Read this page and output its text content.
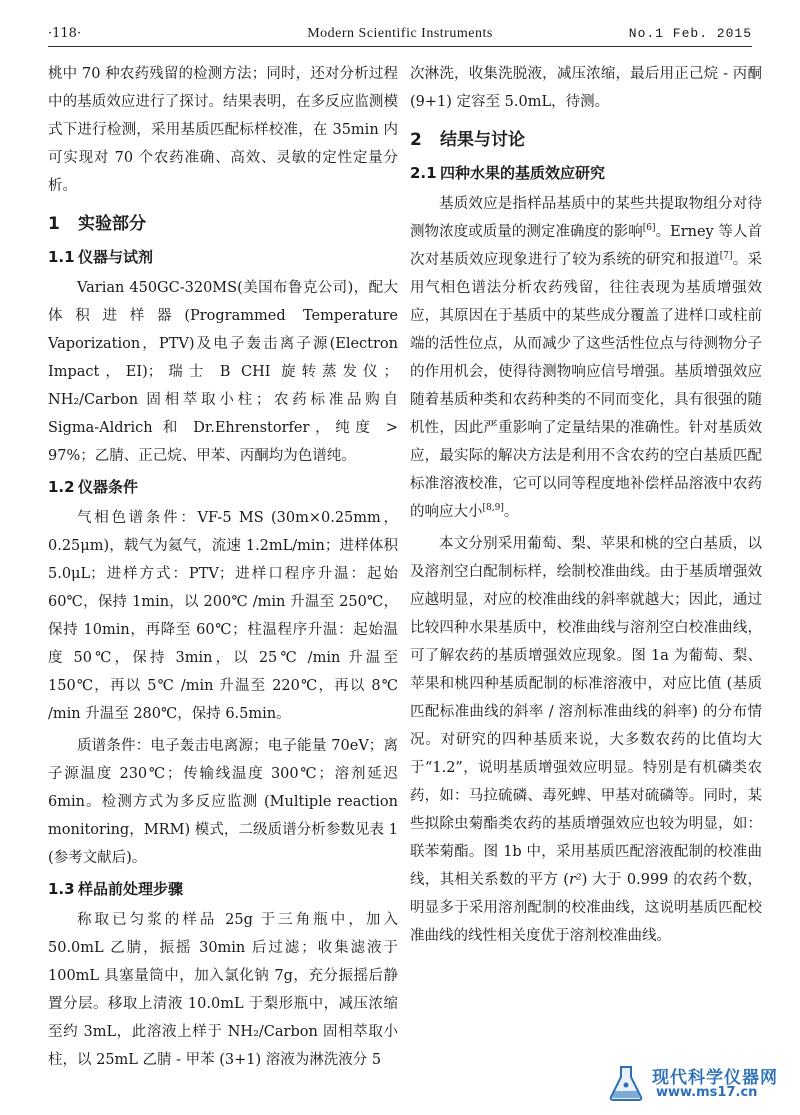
·118·	Modern Scientific Instruments	No.1 Feb. 2015

桃中 70 种农药残留的检测方法；同时，还对分析过程中的基质效应进行了探讨。结果表明，在多反应监测模式下进行检测，采用基质匹配标样校准，在 35min 内可实现对 70 个农药准确、高效、灵敏的定性定量分析。

1 实验部分
1.1 仪器与试剂

Varian 450GC-320MS(美国布鲁克公司)，配大体积进样器(Programmed Temperature Vaporization，PTV)及电子轰击离子源(Electron Impact，EI)；瑞士 B CHI 旋转蒸发仪；NH₂/Carbon 固相萃取小柱；农药标准品购自 Sigma-Aldrich 和 Dr.Ehrenstorfer，纯度 > 97%；乙腈、正己烷、甲苯、丙酮均为色谱纯。

1.2 仪器条件

气相色谱条件：VF-5 MS (30m×0.25mm，0.25μm)，载气为氦气，流速 1.2mL/min；进样体积 5.0μL；进样方式：PTV；进样口程序升温：起始 60℃，保持 1min，以 200℃ /min 升温至 250℃，保持 10min，再降至 60℃；柱温程序升温：起始温度 50℃，保持 3min，以 25℃ /min 升温至 150℃，再以 5℃ /min 升温至 220℃，再以 8℃ /min 升温至 280℃，保持 6.5min。

质谱条件：电子轰击电离源；电子能量 70eV；离子源温度 230℃；传输线温度 300℃；溶剂延迟 6min。检测方式为多反应监测 (Multiple reaction monitoring，MRM) 模式，二级质谱分析参数见表 1 (参考文献后)。

1.3 样品前处理步骤

称取已匀浆的样品 25g 于三角瓶中，加入 50.0mL 乙腈，振摇 30min 后过滤；收集滤液于 100mL 具塞量筒中，加入氯化钠 7g，充分振摇后静置分层。移取上清液 10.0mL 于梨形瓶中，减压浓缩至约 3mL，此溶液上样于 NH₂/Carbon 固相萃取小柱，以 25mL 乙腈 - 甲苯 (3+1) 溶液为淋洗液分 5

次淋洗，收集洗脱液，减压浓缩，最后用正己烷 - 丙酮 (9+1) 定容至 5.0mL，待测。

2 结果与讨论
2.1 四种水果的基质效应研究

基质效应是指样品基质中的某些共提取物组分对待测物浓度或质量的测定准确度的影响[6]。Erney 等人首次对基质效应现象进行了较为系统的研究和报道[7]。采用气相色谱法分析农药残留，往往表现为基质增强效应，其原因在于基质中的某些成分覆盖了进样口或柱前端的活性位点，从而减少了这些活性位点与待测物分子的作用机会，使得待测物响应信号增强。基质增强效应随着基质种类和农药种类的不同而变化，具有很强的随机性，因此严重影响了定量结果的准确性。针对基质效应，最实际的解决方法是利用不含农药的空白基质匹配标准溶液校准，它可以同等程度地补偿样品溶液中农药的响应大小[8,9]。

本文分别采用葡萄、梨、苹果和桃的空白基质，以及溶剂空白配制标样，绘制校准曲线。由于基质增强效应越明显，对应的校准曲线的斜率就越大；因此，通过比较四种水果基质中，校准曲线与溶剂空白校准曲线，可了解农药的基质增强效应现象。图 1a 为葡萄、梨、苹果和桃四种基质配制的标准溶液中，对应比值 (基质匹配标准曲线的斜率 / 溶剂标准曲线的斜率) 的分布情况。对研究的四种基质来说，大多数农药的比值均大于“1.2”，说明基质增强效应明显。特别是有机磷类农药，如：马拉硫磷、毒死蜱、甲基对硫磷等。同时，某些拟除虫菊酯类农药的基质增强效应也较为明显，如：联苯菊酯。图 1b 中，采用基质匹配溶液配制的校准曲线，其相关系数的平方 (r²) 大于 0.999 的农药个数，明显多于采用溶剂配制的校准曲线，这说明基质匹配校准曲线的线性相关度优于溶剂校准曲线。

现代科学仪器网
www.ms17.cn
